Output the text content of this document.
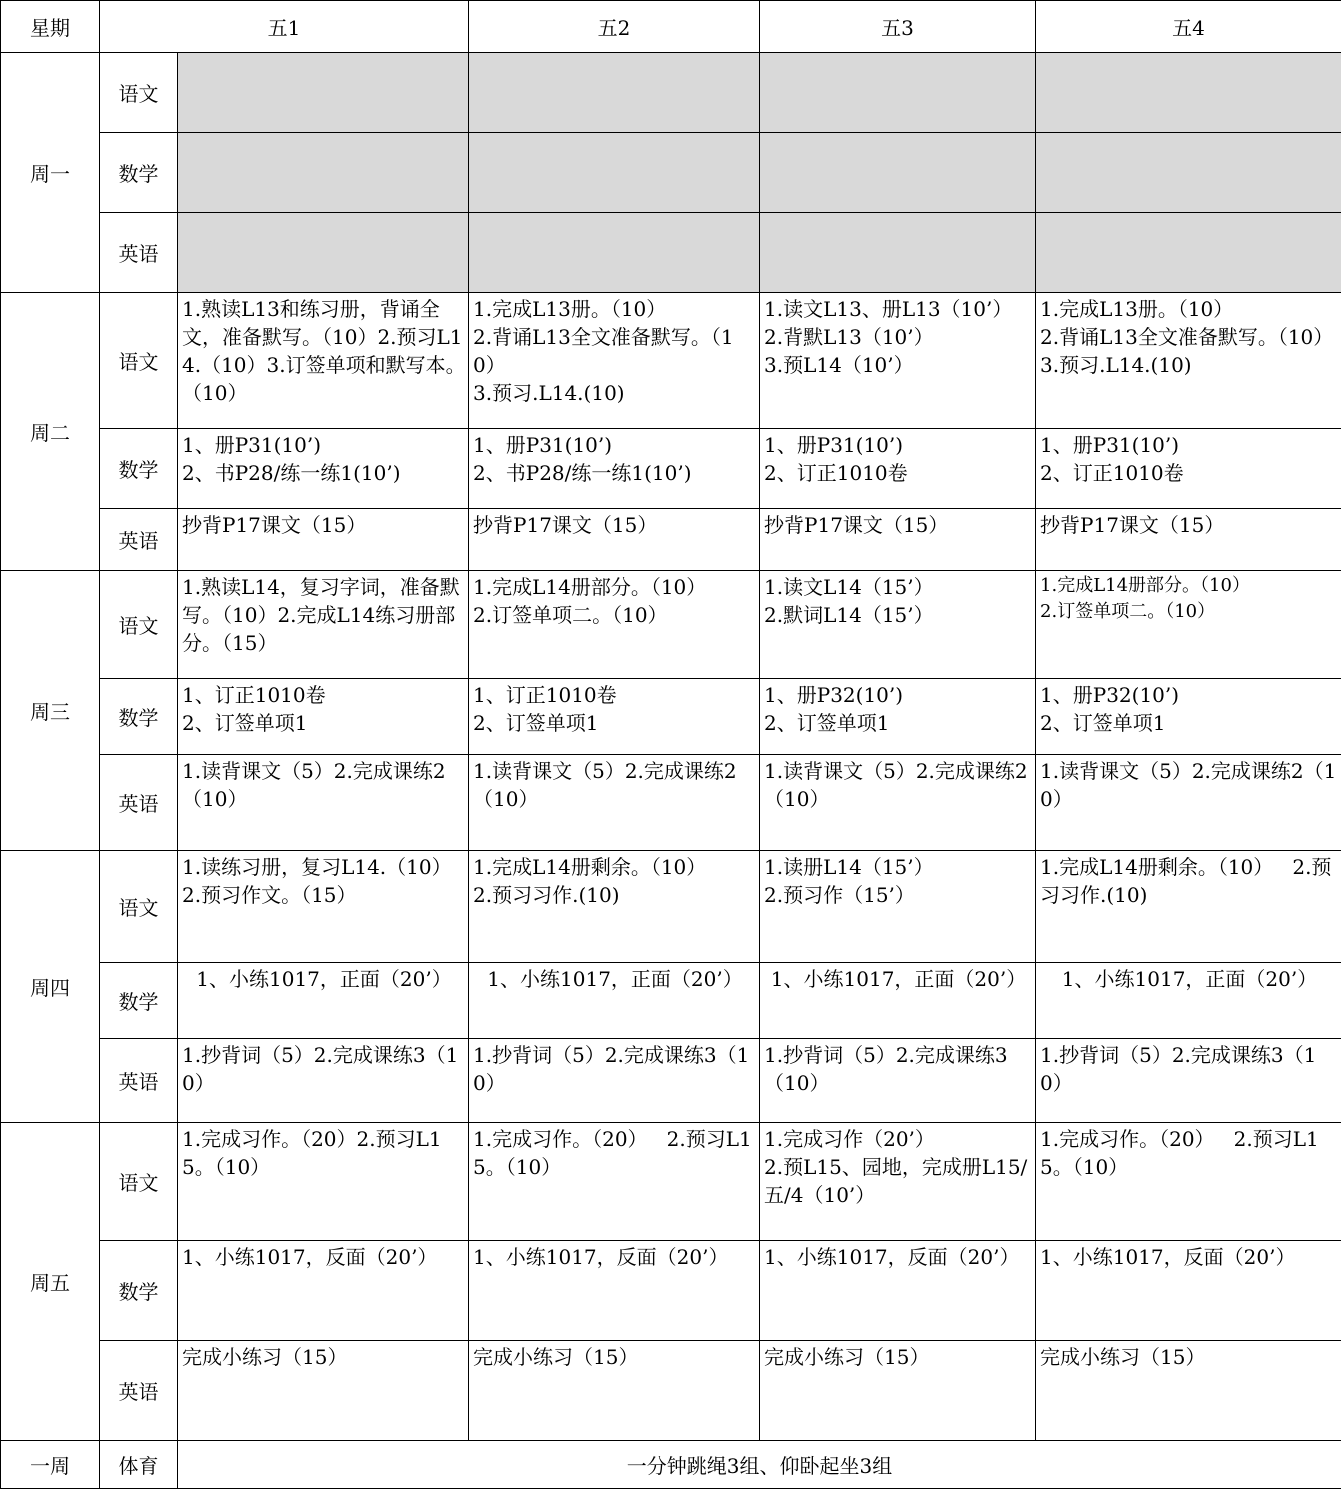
星期	五1		五2	五3	五4
周一	语文				
	数学				
	英语				
周二	语文	1.熟读L13和练习册，背诵全文，准备默写。（10）2.预习L14.（10）3.订签单项和默写本。（10）	1.完成L13册。（10）
2.背诵L13全文准备默写。（10）
3.预习.L14.(10)	1.读文L13、册L13（10’）
2.背默L13（10’）
3.预L14（10’）	1.完成L13册。（10）
2.背诵L13全文准备默写。（10）
3.预习.L14.(10)
	数学	1、册P31(10’)
2、书P28/练一练1(10’)	1、册P31(10’)
2、书P28/练一练1(10’)	1、册P31(10’)
2、订正1010卷	1、册P31(10’)
2、订正1010卷
	英语	抄背P17课文（15）	抄背P17课文（15）	抄背P17课文（15）	抄背P17课文（15）
周三	语文	1.熟读L14，复习字词，准备默写。（10）2.完成L14练习册部分。（15）	1.完成L14册部分。（10）
2.订签单项二。（10）	1.读文L14（15’）
2.默词L14（15’）	1.完成L14册部分。（10）
2.订签单项二。（10）
	数学	1、订正1010卷
2、订签单项1	1、订正1010卷
2、订签单项1	1、册P32(10’)
2、订签单项1	1、册P32(10’)
2、订签单项1
	英语	1.读背课文（5）2.完成课练2（10）	1.读背课文（5）2.完成课练2（10）	1.读背课文（5）2.完成课练2（10）	1.读背课文（5）2.完成课练2（10）
周四	语文	1.读练习册，复习L14.（10）2.预习作文。（15）	1.完成L14册剩余。（10）
2.预习习作.(10)	1.读册L14（15’）
2.预习作（15’）	1.完成L14册剩余。（10）   2.预习习作.(10)
	数学	1、小练1017，正面（20’）	1、小练1017，正面（20’）	1、小练1017，正面（20’）	1、小练1017，正面（20’）
	英语	1.抄背词（5）2.完成课练3（10）	1.抄背词（5）2.完成课练3（10）	1.抄背词（5）2.完成课练3（10）	1.抄背词（5）2.完成课练3（10）
周五	语文	1.完成习作。（20）2.预习L15。（10）	1.完成习作。（20）   2.预习L15。（10）	1.完成习作（20’）
2.预L15、园地，完成册L15/五/4（10’）	1.完成习作。（20）   2.预习L15。（10）
	数学	1、小练1017，反面（20’）	1、小练1017，反面（20’）	1、小练1017，反面（20’）	1、小练1017，反面（20’）
	英语	完成小练习（15）	完成小练习（15）	完成小练习（15）	完成小练习（15）
一周	体育	一分钟跳绳3组、仰卧起坐3组			
